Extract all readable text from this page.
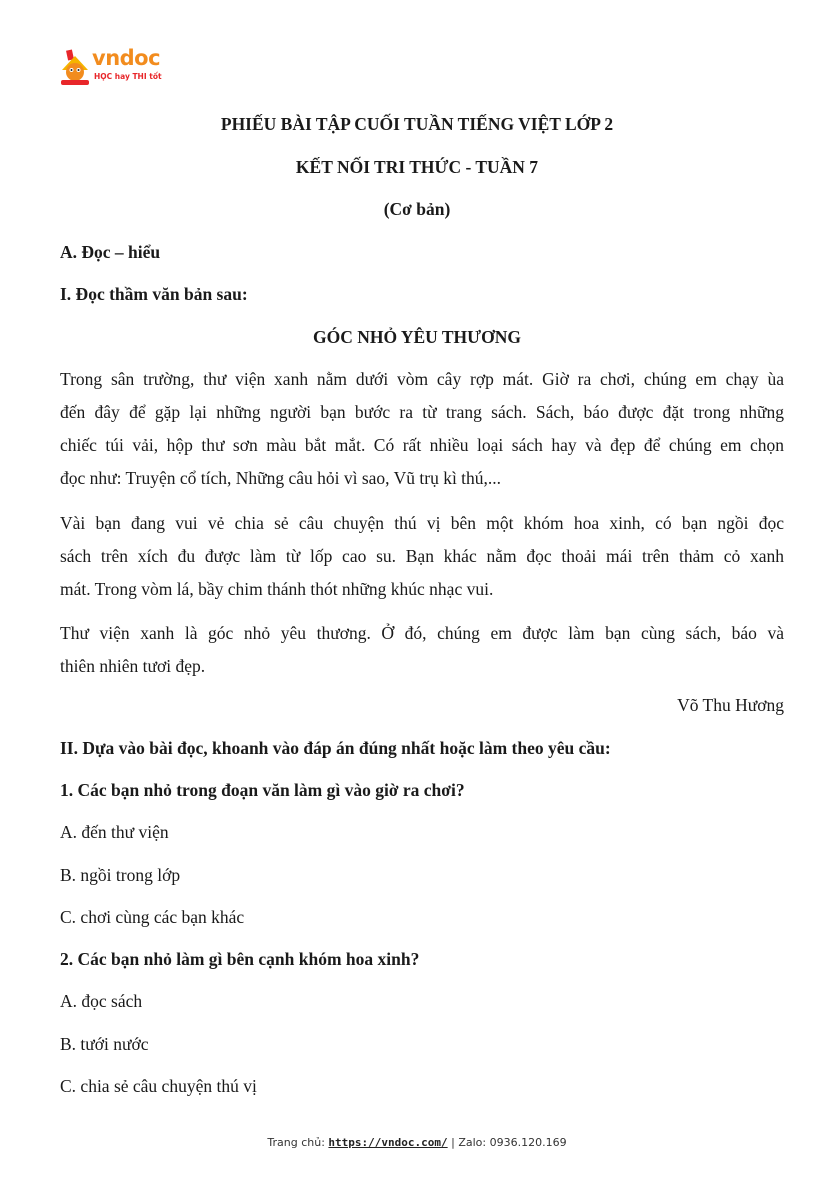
vndoc
HỌC hay THI tốt
PHIẾU BÀI TẬP CUỐI TUẦN TIẾNG VIỆT LỚP 2
KẾT NỐI TRI THỨC - TUẦN 7
(Cơ bản)
A. Đọc – hiểu
I. Đọc thầm văn bản sau:
GÓC NHỎ YÊU THƯƠNG
Trong sân trường, thư viện xanh nằm dưới vòm cây rợp mát. Giờ ra chơi, chúng em chạy ùa
đến đây để gặp lại những người bạn bước ra từ trang sách. Sách, báo được đặt trong những
chiếc túi vải, hộp thư sơn màu bắt mắt. Có rất nhiều loại sách hay và đẹp để chúng em chọn
đọc như: Truyện cổ tích, Những câu hỏi vì sao, Vũ trụ kì thú,...
Vài bạn đang vui vẻ chia sẻ câu chuyện thú vị bên một khóm hoa xinh, có bạn ngồi đọc
sách trên xích đu được làm từ lốp cao su. Bạn khác nằm đọc thoải mái trên thảm cỏ xanh
mát. Trong vòm lá, bầy chim thánh thót những khúc nhạc vui.
Thư viện xanh là góc nhỏ yêu thương. Ở đó, chúng em được làm bạn cùng sách, báo và
thiên nhiên tươi đẹp.
Võ Thu Hương
II. Dựa vào bài đọc, khoanh vào đáp án đúng nhất hoặc làm theo yêu cầu:
1. Các bạn nhỏ trong đoạn văn làm gì vào giờ ra chơi?
A. đến thư viện
B. ngồi trong lớp
C. chơi cùng các bạn khác
2. Các bạn nhỏ làm gì bên cạnh khóm hoa xinh?
A. đọc sách
B. tưới nước
C. chia sẻ câu chuyện thú vị
Trang chủ: https://vndoc.com/ | Zalo: 0936.120.169
